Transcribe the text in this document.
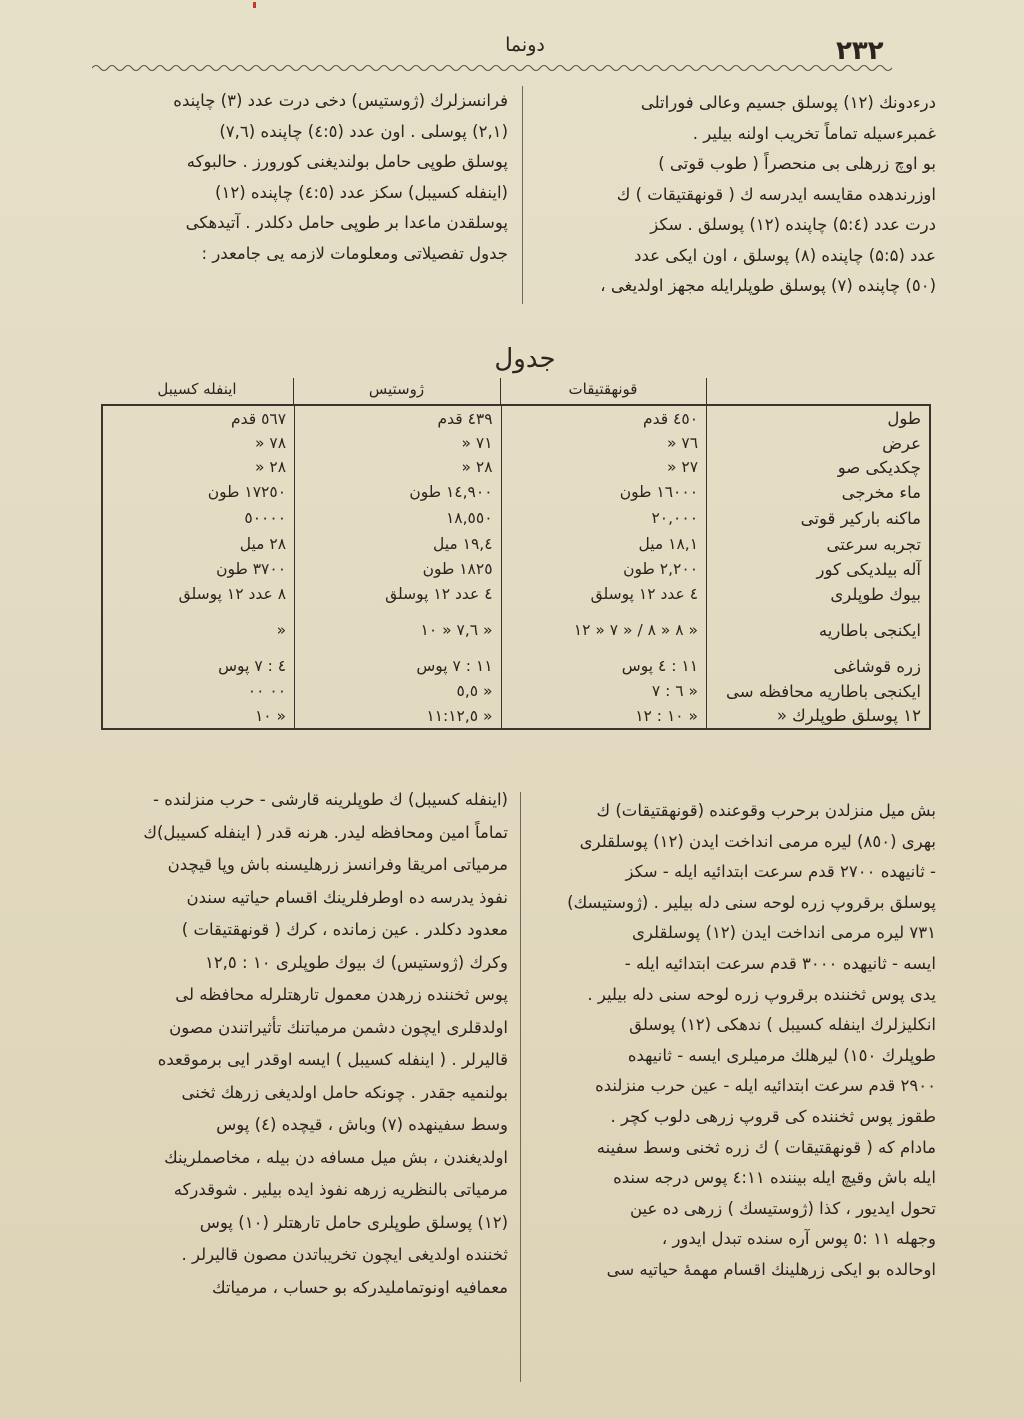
۲۳۲
دونما

درءدونك (۱۲) پوسلق جسيم وعالى فوراتلى

غمبرءسيله تماماً تخريب اولنه بيلير .

بو اوچ زرهلى بى منحصراً ( طوب قوتى )

اوزرندهده مقايسه ايدرسه ك ( قونهقتيقات ) ك

درت عدد (۵:٤) چاپنده (۱۲) پوسلق . سكز

عدد (۵:۵) چاپنده (۸) پوسلق ، اون ايكى عدد

(٥٠) چاپنده (۷) پوسلق طوپلرايله مجهز اولديغى ،

فرانسزلرك (ژوستيس) دخى درت عدد (۳) چاپنده

(۲,۱) پوسلى . اون عدد (٤:٥) چاپنده (٧,٦)

پوسلق طوپى حامل بولنديغنى كورورز . حالبوكه

(اينفله كسيبل) سكز عدد (٤:٥) چاپنده (١٢)

پوسلقدن ماعدا بر طوپى حامل دكلدر . آتيدهكى

جدول تفصيلاتى ومعلومات لازمه يى جامعدر :

جدول
قونهقتيقات
ژوستيس
اينفله كسيبل
طول	٤٥٠ قدم	٤٣٩ قدم	٥٦٧ قدم
عرض	٧٦ «	٧١ «	٧٨ «
چكديكى صو	٢٧ «	٢٨ «	٢٨ «
ماء مخرجى	١٦٠٠٠ طون	١٤,٩٠٠ طون	١٧٢٥٠ طون
ماكنه باركير قوتى	٢٠,٠٠٠	١٨,٥٥٠	٥٠٠٠٠
تجربه سرعتى	١٨,١ ميل	١٩,٤ ميل	٢٨ ميل
آله بيلديكى كور	٢,٢٠٠ طون	١٨٢٥ طون	٣٧٠٠ طون
بيوك طوپلرى	٤ عدد ١٢ پوسلق	٤ عدد ١٢ پوسلق	٨ عدد ١٢ پوسلق
ايكنجى باطاريه	« ٨ « ٨ / « ٧ « ١٢	« ٧,٦ « ١٠	«
زره قوشاغى	١١ : ٤ پوس	١١ : ٧ پوس	٤ : ٧ پوس
ايكنجى باطاريه محافظه سى	« ٦ : ٧	« ٥,٥	٠٠ ٠٠
١٢ پوسلق طوپلرك «	« ١٠ : ١٢	« ١١:١٢,٥	« ١٠

بش ميل منزلدن برحرب وقوعنده (قونهقتيقات) ك

بهرى (٨٥٠) ليره مرمى انداخت ايدن (١٢) پوسلقلرى

- ثانيهده ٢٧٠٠ قدم سرعت ابتدائيه ايله - سكز

پوسلق برقروپ زره لوحه سنى دله بيلير . (ژوستيسك)

٧٣١ ليره مرمى انداخت ايدن (١٢) پوسلقلرى

ايسه - ثانيهده ٣٠٠٠ قدم سرعت ابتدائيه ايله -

يدى پوس ثخننده برقروپ زره لوحه سنى دله بيلير .

انكليزلرك اينفله كسيبل ) ندهكى (١٢) پوسلق

طوپلرك ١٥٠) ليرهلك مرميلرى ايسه - ثانيهده

٢٩٠٠ قدم سرعت ابتدائيه ايله - عين حرب منزلنده

طقوز پوس ثخننده كى قروپ زرهى دلوب كچر .

مادام كه ( قونهقتيقات ) ك زره ثخنى وسط سفينه

ايله باش وقيچ ايله بيننده ٤:١١ پوس درجه سنده

تحول ايديور ، كذا (ژوستيسك ) زرهى ده عين

وجهله ١١ :٥ پوس آره سنده تبدل ايدور ،

اوحالده بو ايكى زرهلينك اقسام مهمهٔ حياتيه سى

(اينفله كسيبل) ك طوپلرينه قارشى - حرب منزلنده -

تماماً امين ومحافظه ليدر. هرنه قدر ( اينفله كسيبل)ك

مرمياتى امريقا وفرانسز زرهليسنه باش وپا قيچدن

نفوذ يدرسه ده اوطرفلرينك اقسام حياتيه سندن

معدود دكلدر . عين زمانده ، كرك ( قونهقتيقات )

وكرك (ژوستيس) ك بيوك طوپلرى ١٠ : ١٢,٥

پوس ثخننده زرهدن معمول تارهتلرله محافظه لى

اولدقلرى ايچون دشمن مرمياتنك تأثيراتندن مصون

قاليرلر . ( اينفله كسيبل ) ايسه اوقدر ايى برموقعده

بولنميه جقدر . چونكه حامل اولديغى زرهك ثخنى

وسط سفينهده (٧) وباش ، قيچده (٤) پوس

اولديغندن ، بش ميل مسافه دن بيله ، مخاصملرينك

مرمياتى بالنظريه زرهه نفوذ ايده بيلير . شوقدركه

(١٢) پوسلق طوپلرى حامل تارهتلر (١٠) پوس

ثخننده اولديغى ايچون تخريباتدن مصون قاليرلر .

معمافيه اونوتمامليدركه بو حساب ، مرمياتك
